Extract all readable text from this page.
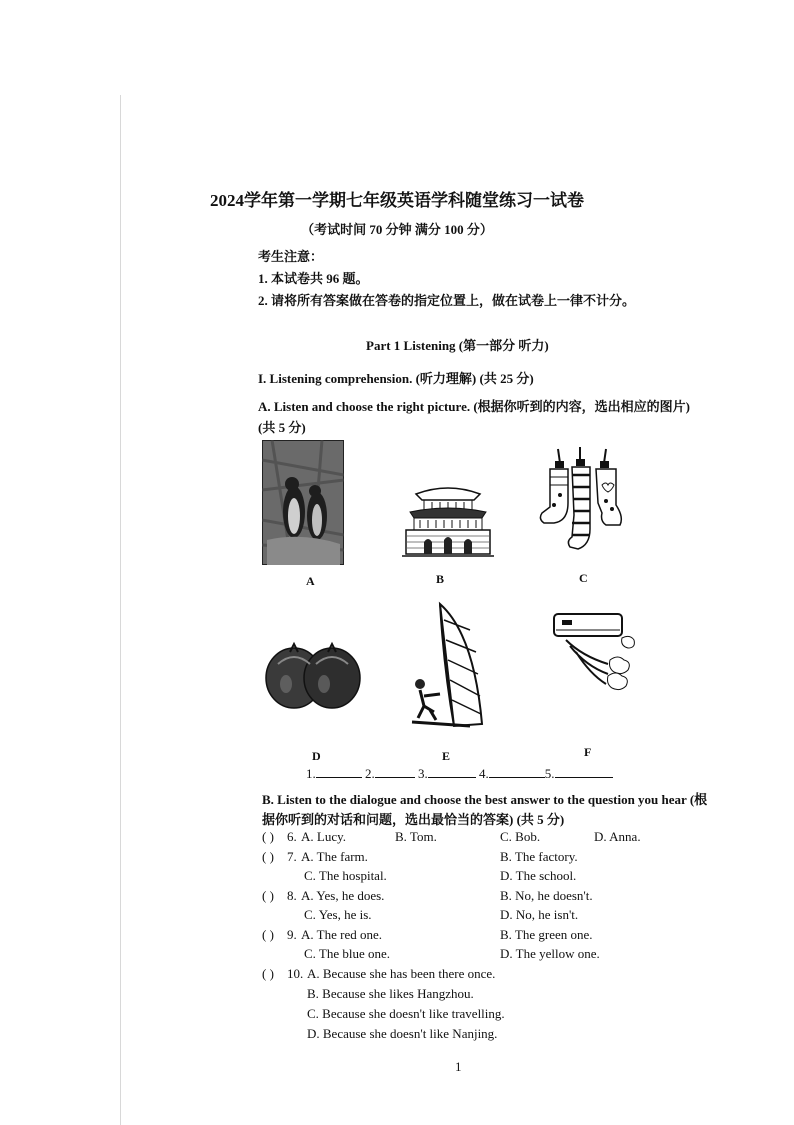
2024学年第一学期七年级英语学科随堂练习一试卷
（考试时间 70 分钟 满分 100 分）
考生注意：
1. 本试卷共 96 题。
2. 请将所有答案做在答卷的指定位置上，做在试卷上一律不计分。
Part 1 Listening (第一部分 听力)
I. Listening comprehension. (听力理解) (共 25 分)
A. Listen and choose the right picture. (根据你听到的内容，选出相应的图片)
(共 5 分)
A	B	C
D	E	F
1.	2.	3.	4.	5.
B. Listen to the dialogue and choose the best answer to the question you hear (根
据你听到的对话和问题，选出最恰当的答案) (共 5 分)
( ) 6. A. Lucy.	B. Tom.	C. Bob.	D. Anna.
( ) 7. A. The farm.	B. The factory.
C. The hospital.	D. The school.
( ) 8. A. Yes, he does.	B. No, he doesn't.
C. Yes, he is.	D. No, he isn't.
( ) 9. A. The red one.	B. The green one.
C. The blue one.	D. The yellow one.
( ) 10. A. Because she has been there once.
B. Because she likes Hangzhou.
C. Because she doesn't like travelling.
D. Because she doesn't like Nanjing.
1
